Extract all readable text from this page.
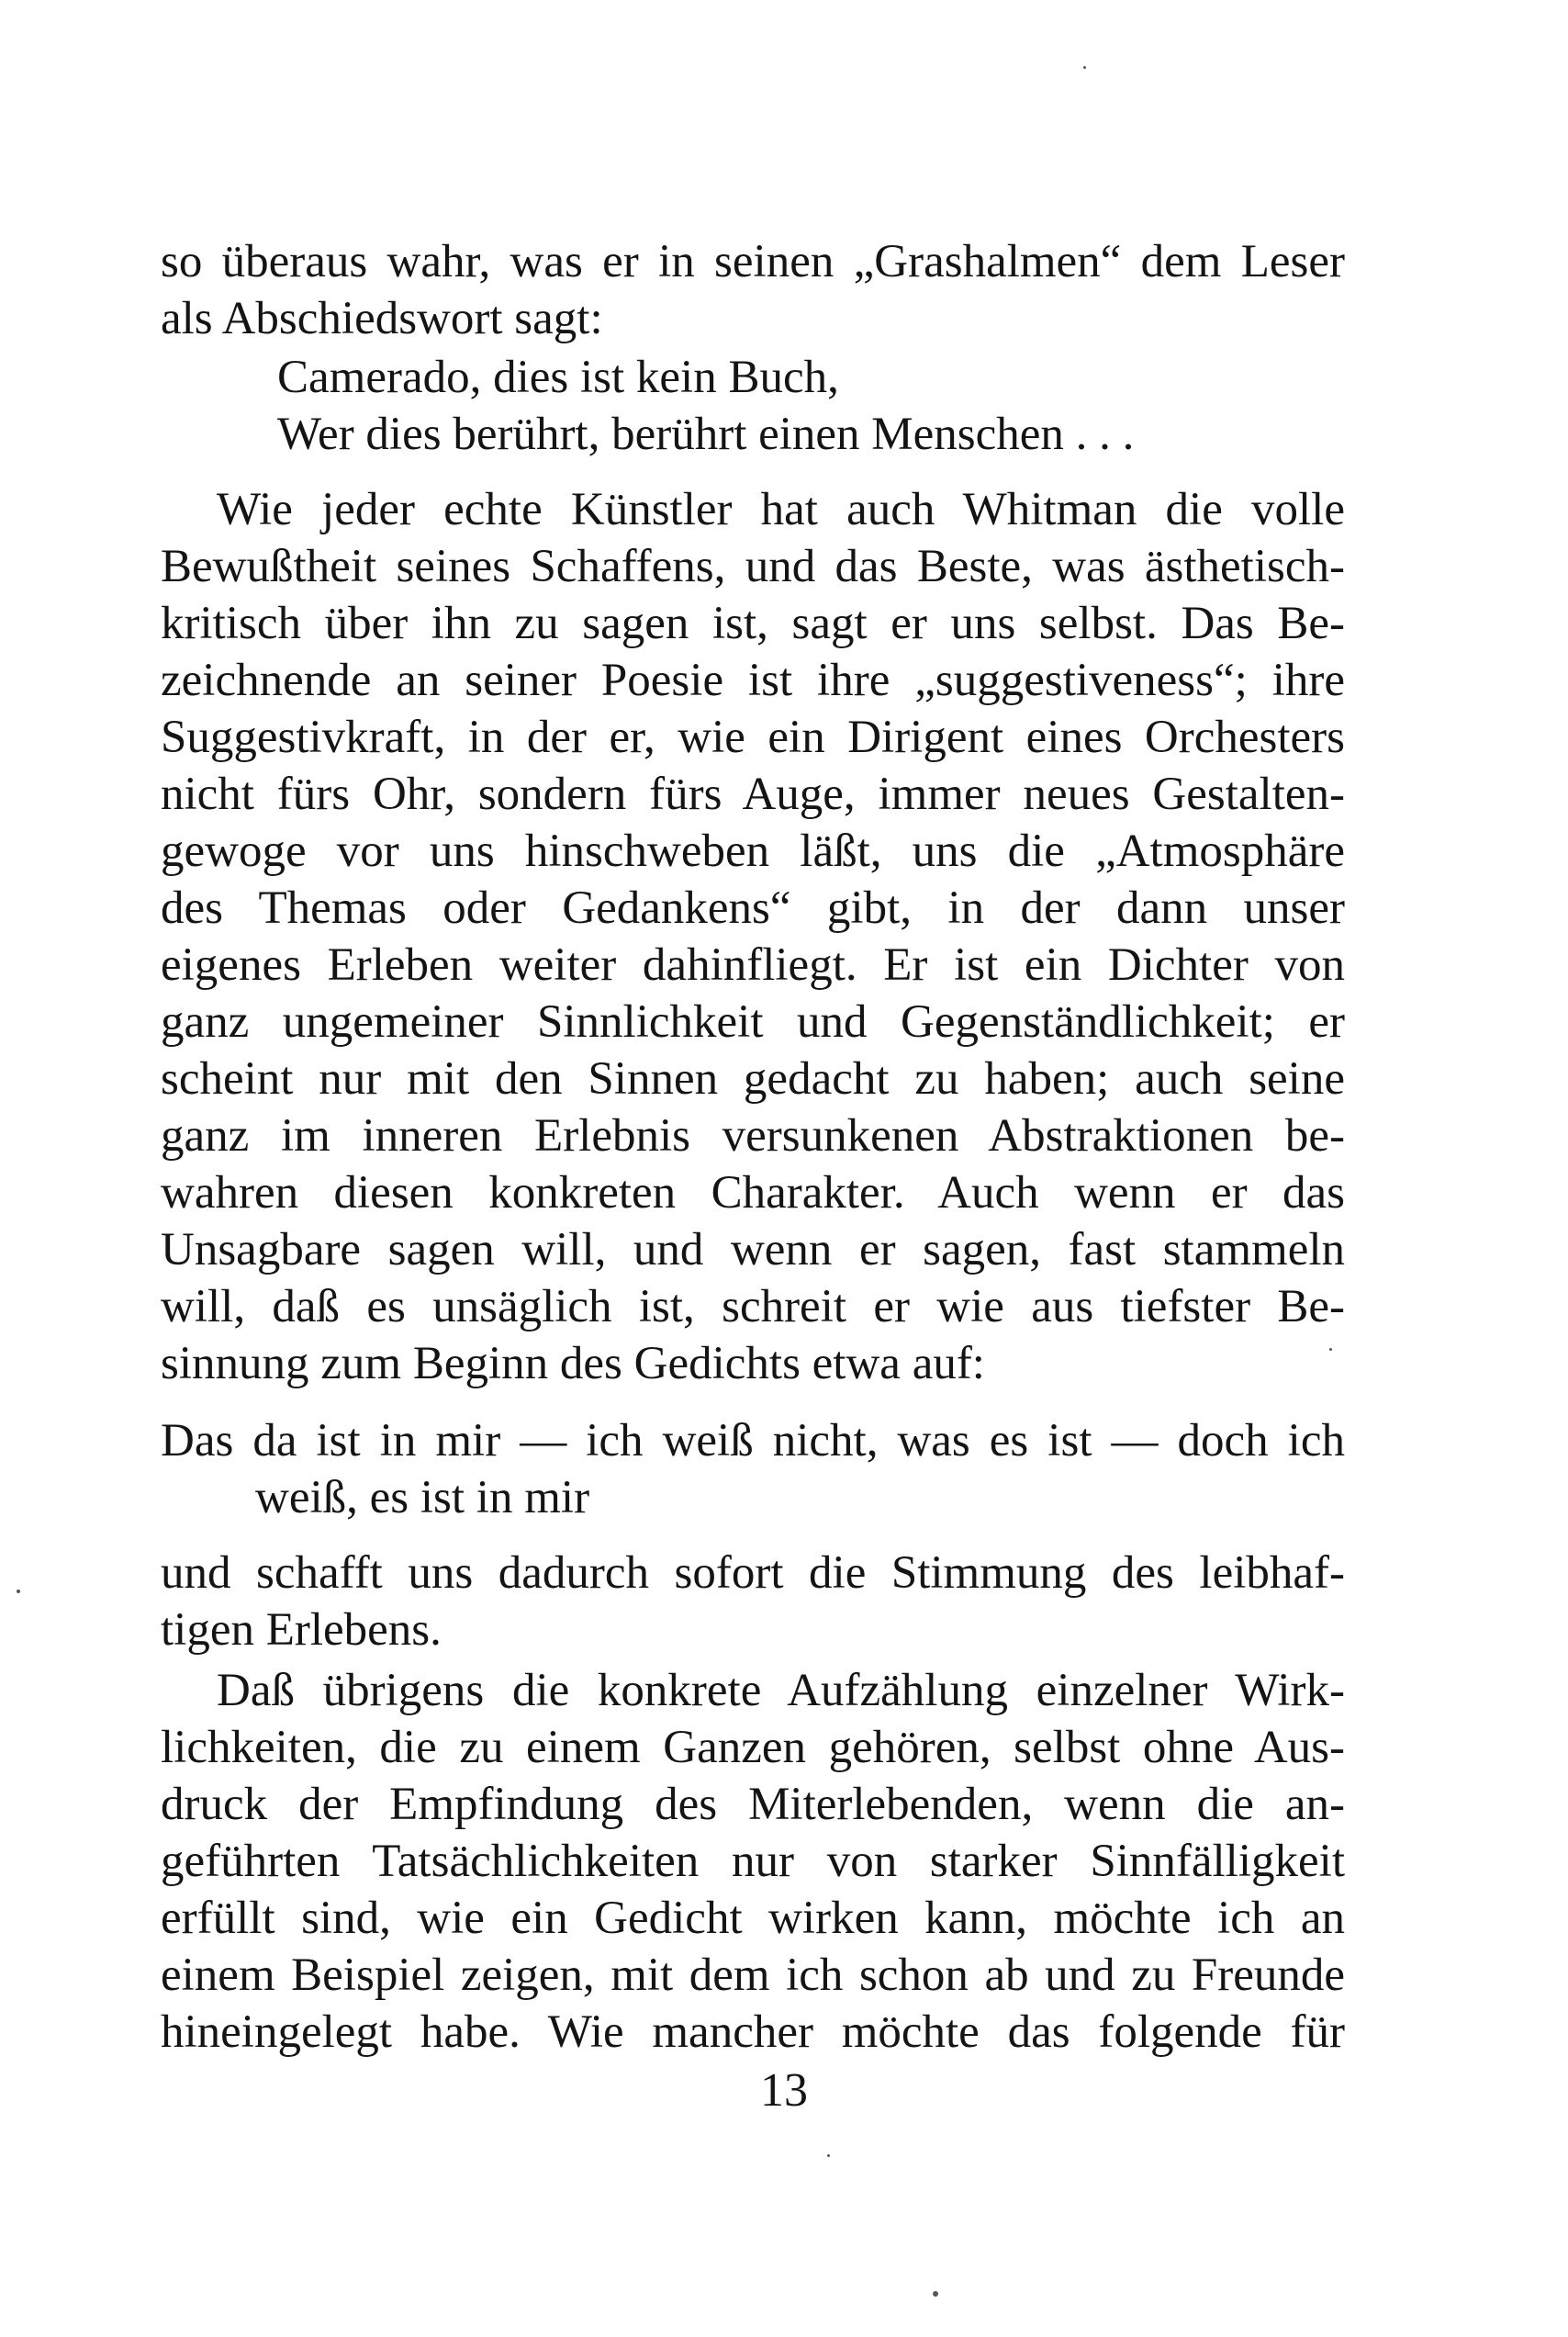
so überaus wahr, was er in seinen „Grashalmen“ dem Leser
als Abschiedswort sagt:
Camerado, dies ist kein Buch,
Wer dies berührt, berührt einen Menschen . . .
Wie jeder echte Künstler hat auch Whitman die volle
Bewußtheit seines Schaffens, und das Beste, was ästhetisch-
kritisch über ihn zu sagen ist, sagt er uns selbst. Das Be-
zeichnende an seiner Poesie ist ihre „suggestiveness“; ihre
Suggestivkraft, in der er, wie ein Dirigent eines Orchesters
nicht fürs Ohr, sondern fürs Auge, immer neues Gestalten-
gewoge vor uns hinschweben läßt, uns die „Atmosphäre
des Themas oder Gedankens“ gibt, in der dann unser
eigenes Erleben weiter dahinfliegt. Er ist ein Dichter von
ganz ungemeiner Sinnlichkeit und Gegenständlichkeit; er
scheint nur mit den Sinnen gedacht zu haben; auch seine
ganz im inneren Erlebnis versunkenen Abstraktionen be-
wahren diesen konkreten Charakter. Auch wenn er das
Unsagbare sagen will, und wenn er sagen, fast stammeln
will, daß es unsäglich ist, schreit er wie aus tiefster Be-
sinnung zum Beginn des Gedichts etwa auf:
Das da ist in mir — ich weiß nicht, was es ist — doch ich
weiß, es ist in mir
und schafft uns dadurch sofort die Stimmung des leibhaf-
tigen Erlebens.
Daß übrigens die konkrete Aufzählung einzelner Wirk-
lichkeiten, die zu einem Ganzen gehören, selbst ohne Aus-
druck der Empfindung des Miterlebenden, wenn die an-
geführten Tatsächlichkeiten nur von starker Sinnfälligkeit
erfüllt sind, wie ein Gedicht wirken kann, möchte ich an
einem Beispiel zeigen, mit dem ich schon ab und zu Freunde
hineingelegt habe. Wie mancher möchte das folgende für
13
